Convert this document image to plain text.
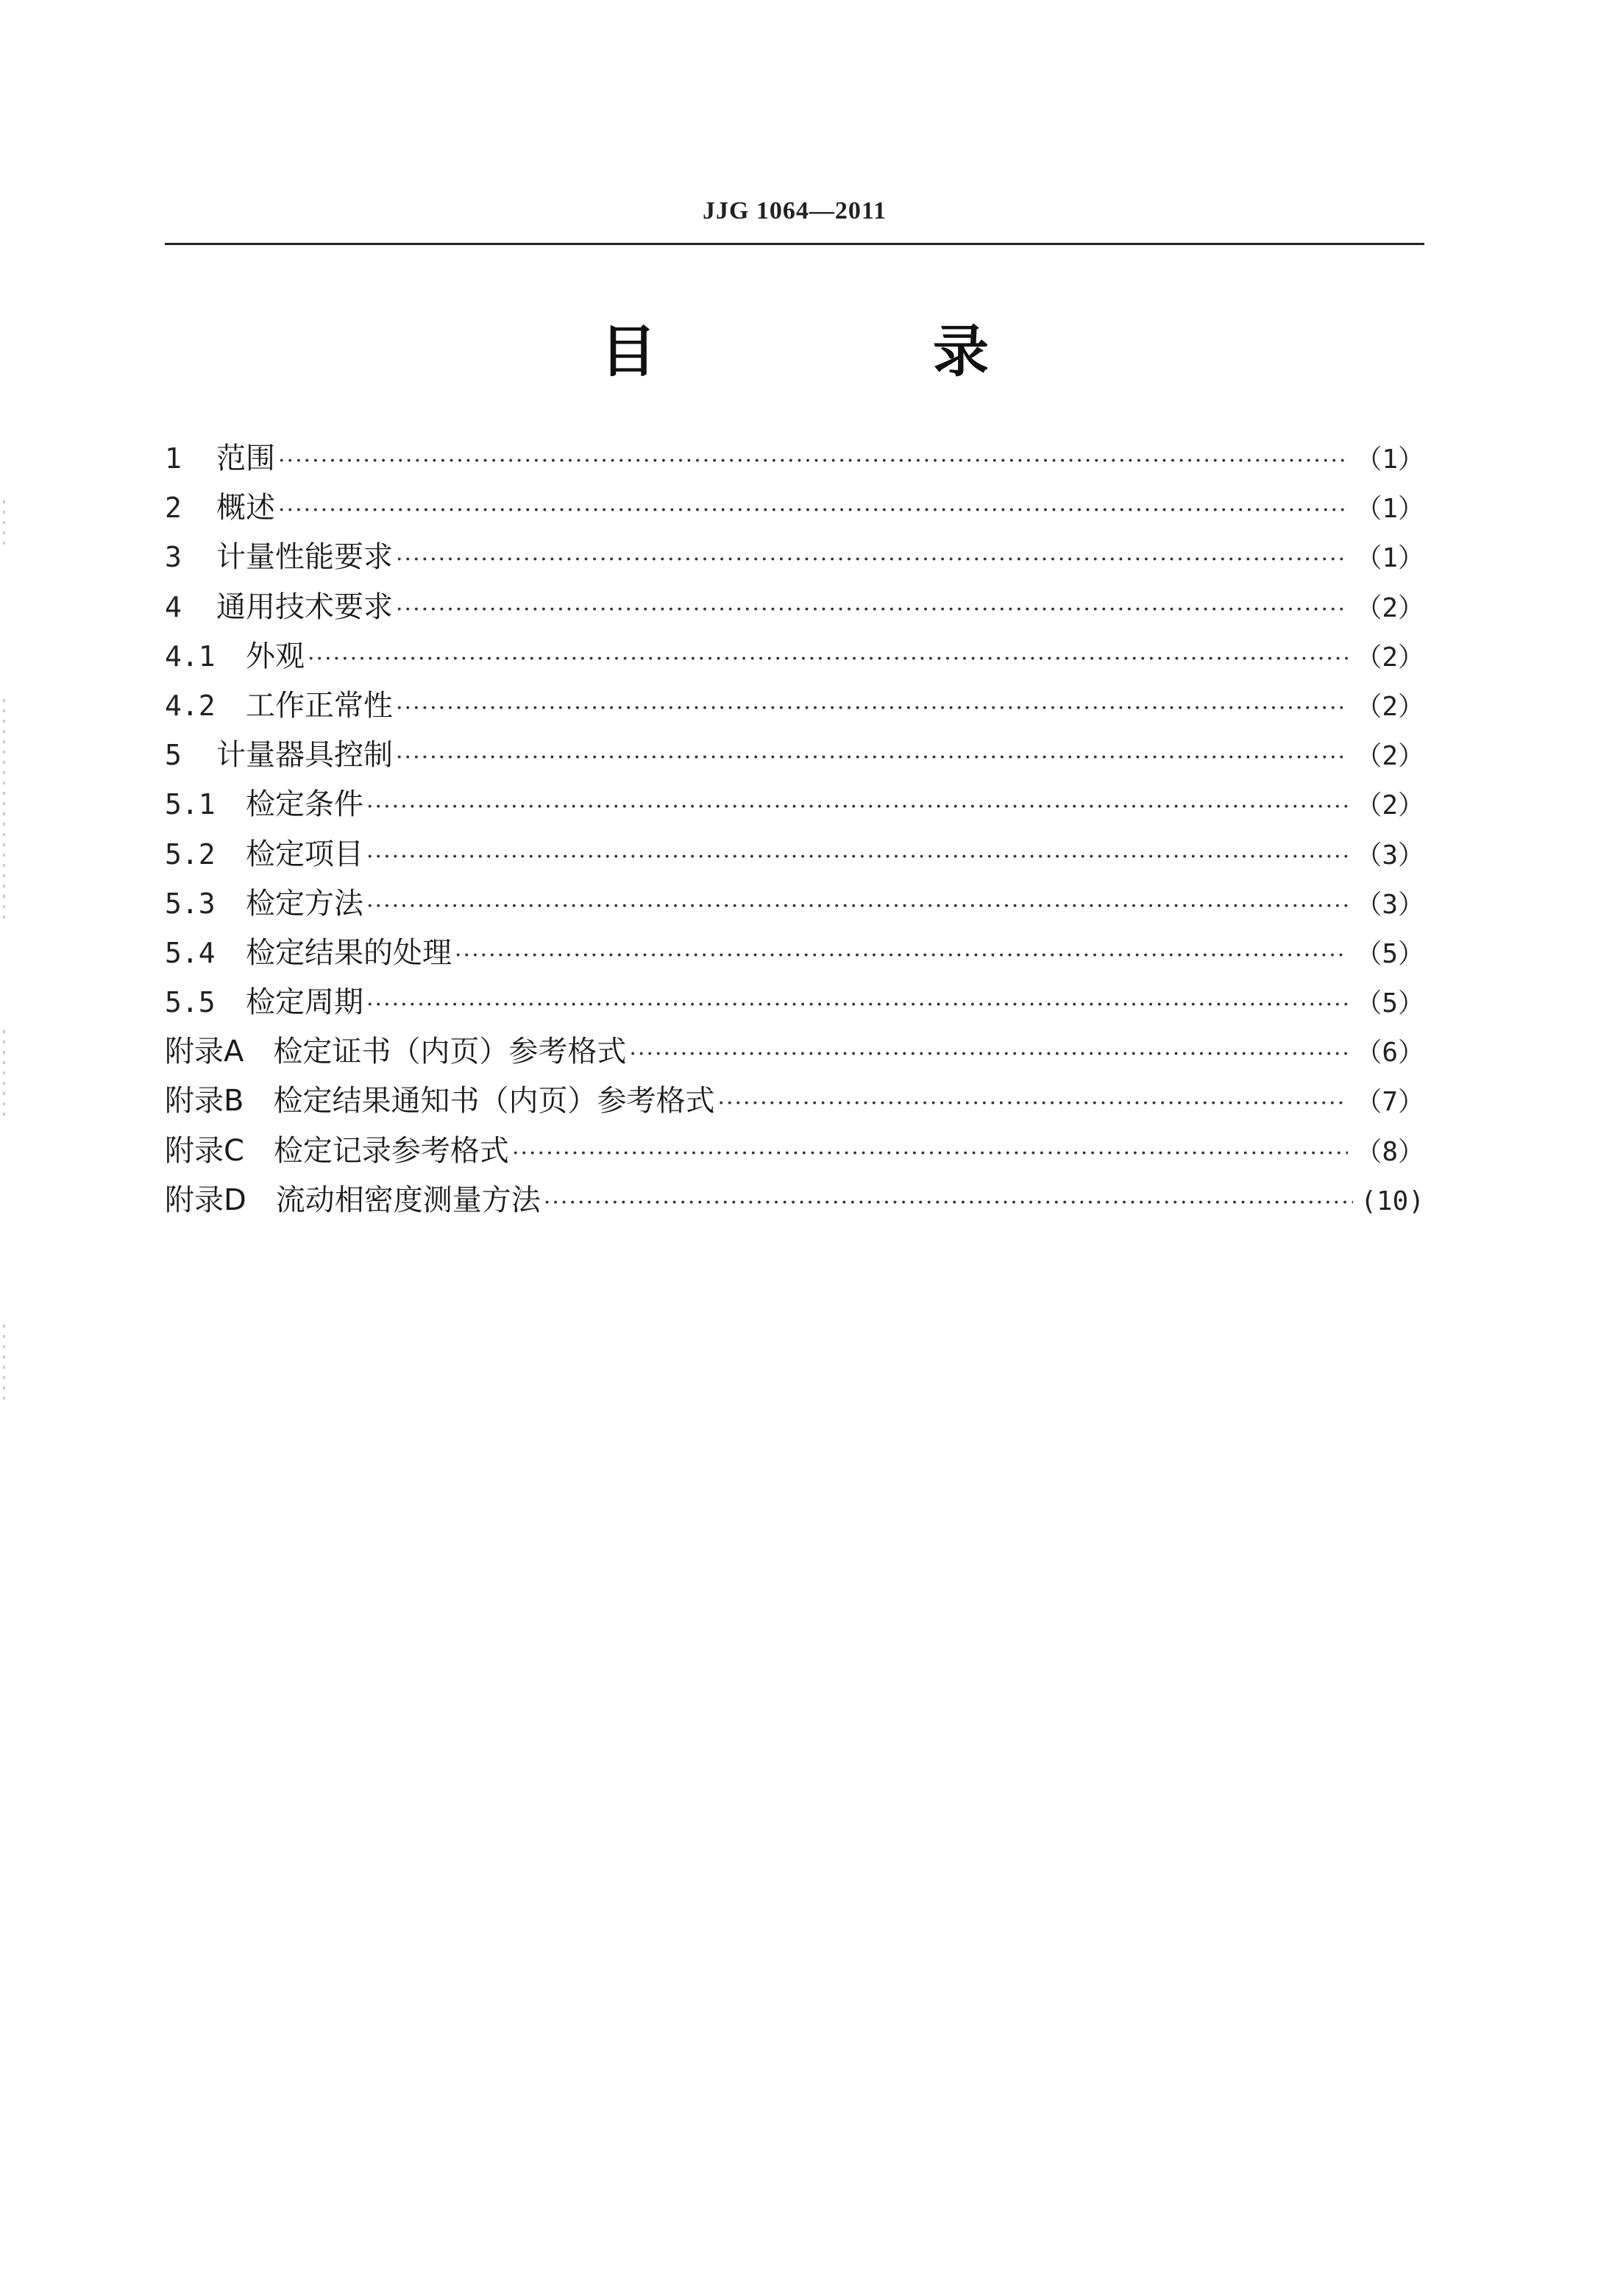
JJG 1064—2011
目　录
1	范围 ·····	（1）
2	概述 ·····	（1）
3	计量性能要求 ·····	（1）
4	通用技术要求 ·····	（2）
4.1	外观 ·····	（2）
4.2	工作正常性 ·····	（2）
5	计量器具控制 ·····	（2）
5.1	检定条件 ·····	（2）
5.2	检定项目 ·····	（3）
5.3	检定方法 ·····	（3）
5.4	检定结果的处理 ·····	（5）
5.5	检定周期 ·····	（5）
附录A　检定证书（内页）参考格式 ·····	（6）
附录B　检定结果通知书（内页）参考格式 ·····	（7）
附录C　检定记录参考格式 ·····	（8）
附录D　流动相密度测量方法 ·····	(10)
